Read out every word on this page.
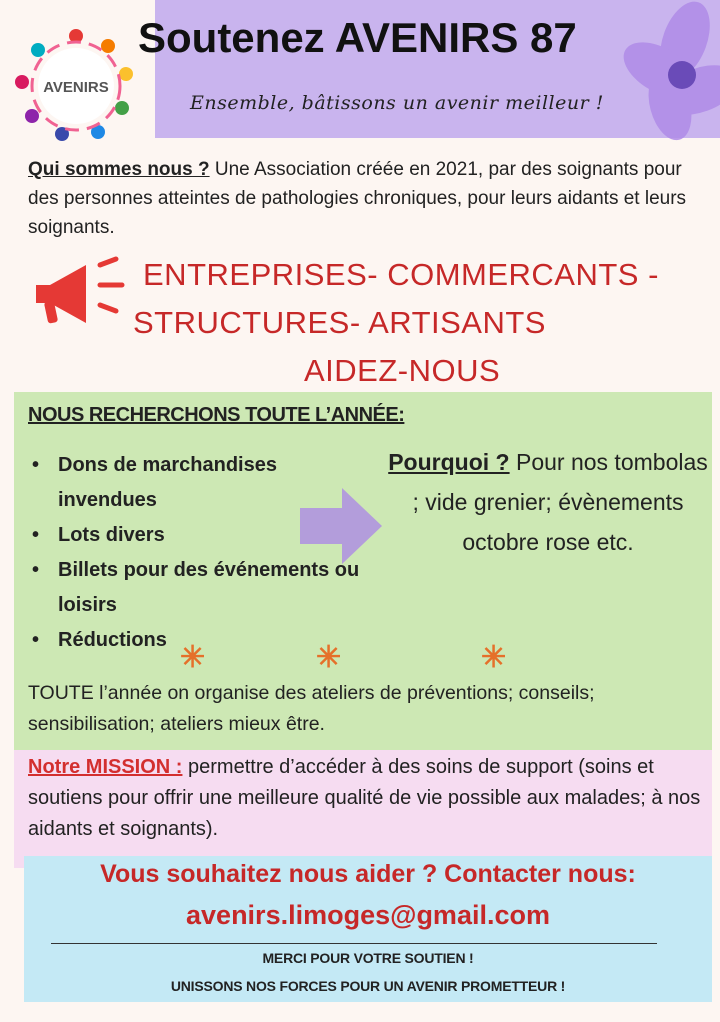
AVENIRS
Soutenez AVENIRS 87
Ensemble, bâtissons un avenir meilleur !
Qui sommes nous ? Une Association créée en 2021, par des soignants pour des personnes atteintes de pathologies chroniques, pour leurs aidants et leurs soignants.
ENTREPRISES- COMMERCANTS -
STRUCTURES- ARTISANTS
AIDEZ-NOUS
NOUS RECHERCHONS TOUTE L’ANNÉE:
• Dons de marchandises invendues
• Lots divers
• Billets pour des événements ou loisirs
• Réductions
Pourquoi ? Pour nos tombolas ; vide grenier; évènements octobre rose etc.
✳	✳	✳
TOUTE l’année on organise des ateliers de préventions; conseils; sensibilisation; ateliers mieux être.
Notre MISSION : permettre d’accéder à des soins de support (soins et soutiens pour offrir une meilleure qualité de vie possible aux malades; à nos aidants et soignants).
Vous souhaitez nous aider ? Contacter nous:
avenirs.limoges@gmail.com
MERCI POUR VOTRE SOUTIEN !
UNISSONS NOS FORCES POUR UN AVENIR PROMETTEUR !
